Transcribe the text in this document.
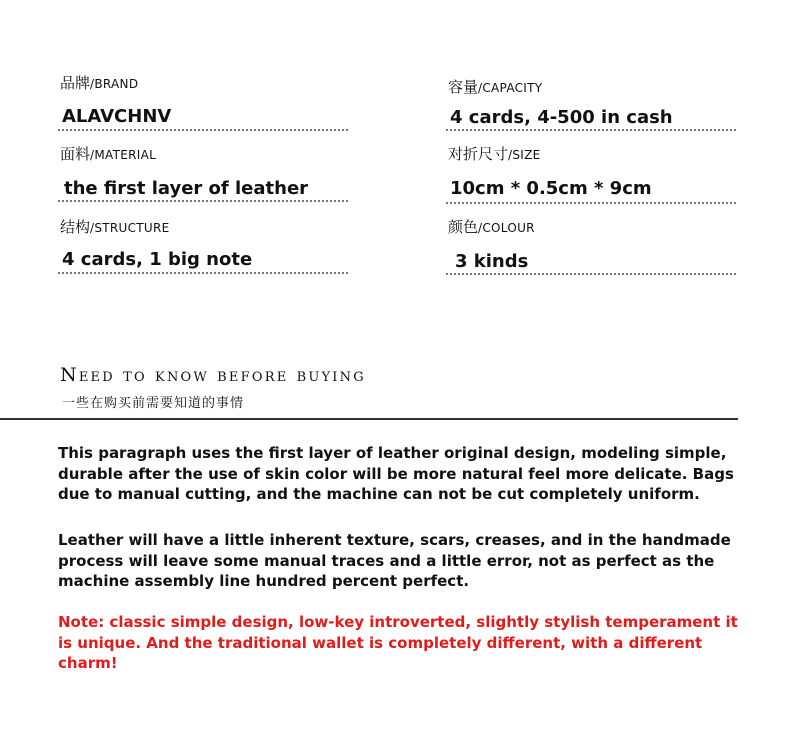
品牌/BRAND
ALAVCHNV
面料/MATERIAL
the first layer of leather
结构/STRUCTURE
4 cards, 1 big note
容量/CAPACITY
4 cards, 4-500 in cash
对折尺寸/SIZE
10cm * 0.5cm * 9cm
颜色/COLOUR
3 kinds
Need to know before buying
一些在购买前需要知道的事情

This paragraph uses the first layer of leather original design, modeling simple, durable after the use of skin color will be more natural feel more delicate. Bags due to manual cutting, and the machine can not be cut completely uniform.

Leather will have a little inherent texture, scars, creases, and in the handmade process will leave some manual traces and a little error, not as perfect as the machine assembly line hundred percent perfect.

Note: classic simple design, low-key introverted, slightly stylish temperament it is unique. And the traditional wallet is completely different, with a different charm!
